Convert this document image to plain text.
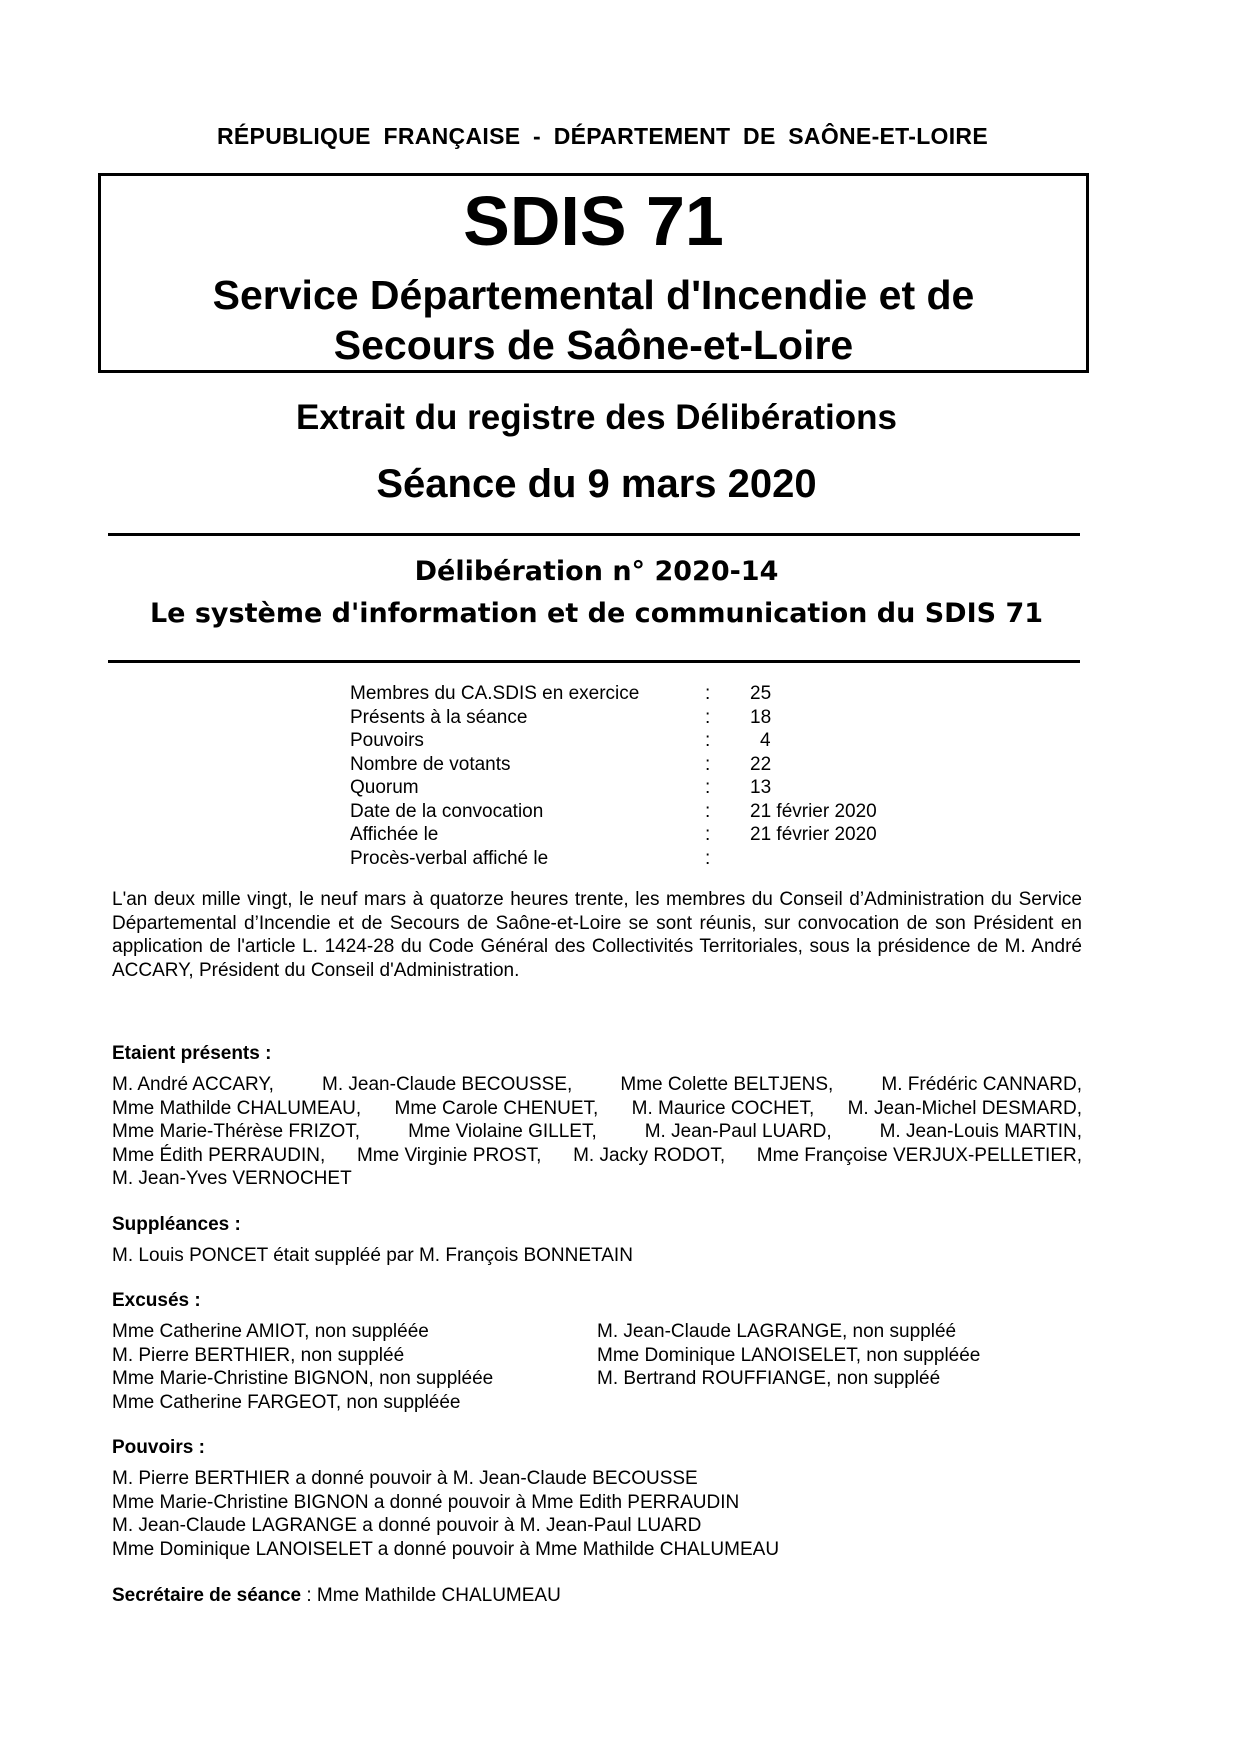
RÉPUBLIQUE FRANÇAISE - DÉPARTEMENT DE SAÔNE-ET-LOIRE
SDIS 71
Service Départemental d'Incendie et de
Secours de Saône-et-Loire
Extrait du registre des Délibérations
Séance du 9 mars 2020
Délibération n° 2020-14
Le système d'information et de communication du SDIS 71
Membres du CA.SDIS en exercice	: 25
Présents à la séance	: 18
Pouvoirs	:	4
Nombre de votants	: 22
Quorum	: 13
Date de la convocation	: 21 février 2020
Affichée le	: 21 février 2020
Procès-verbal affiché le	:
L'an deux mille vingt, le neuf mars à quatorze heures trente, les membres du Conseil d’Administration du Service Départemental d’Incendie et de Secours de Saône-et-Loire se sont réunis, sur convocation de son Président en application de l'article L. 1424-28 du Code Général des Collectivités Territoriales, sous la présidence de M. André ACCARY, Président du Conseil d'Administration.
Etaient présents :
M. André ACCARY,	M. Jean-Claude BECOUSSE,	Mme Colette BELTJENS,	M. Frédéric CANNARD,
Mme Mathilde CHALUMEAU, Mme Carole CHENUET, M. Maurice COCHET, M. Jean-Michel DESMARD,
Mme Marie-Thérèse FRIZOT,	Mme Violaine GILLET,	M. Jean-Paul LUARD,	M. Jean-Louis MARTIN,
Mme Édith PERRAUDIN, Mme Virginie PROST, M. Jacky RODOT, Mme Françoise VERJUX-PELLETIER,
M. Jean-Yves VERNOCHET
Suppléances :
M. Louis PONCET était suppléé par M. François BONNETAIN
Excusés :
Mme Catherine AMIOT, non suppléée
M. Pierre BERTHIER, non suppléé
Mme Marie-Christine BIGNON, non suppléée
Mme Catherine FARGEOT, non suppléée
M. Jean-Claude LAGRANGE, non suppléé
Mme Dominique LANOISELET, non suppléée
M. Bertrand ROUFFIANGE, non suppléé
Pouvoirs :
M. Pierre BERTHIER a donné pouvoir à M. Jean-Claude BECOUSSE
Mme Marie-Christine BIGNON a donné pouvoir à Mme Edith PERRAUDIN
M. Jean-Claude LAGRANGE a donné pouvoir à M. Jean-Paul LUARD
Mme Dominique LANOISELET a donné pouvoir à Mme Mathilde CHALUMEAU
Secrétaire de séance : Mme Mathilde CHALUMEAU
